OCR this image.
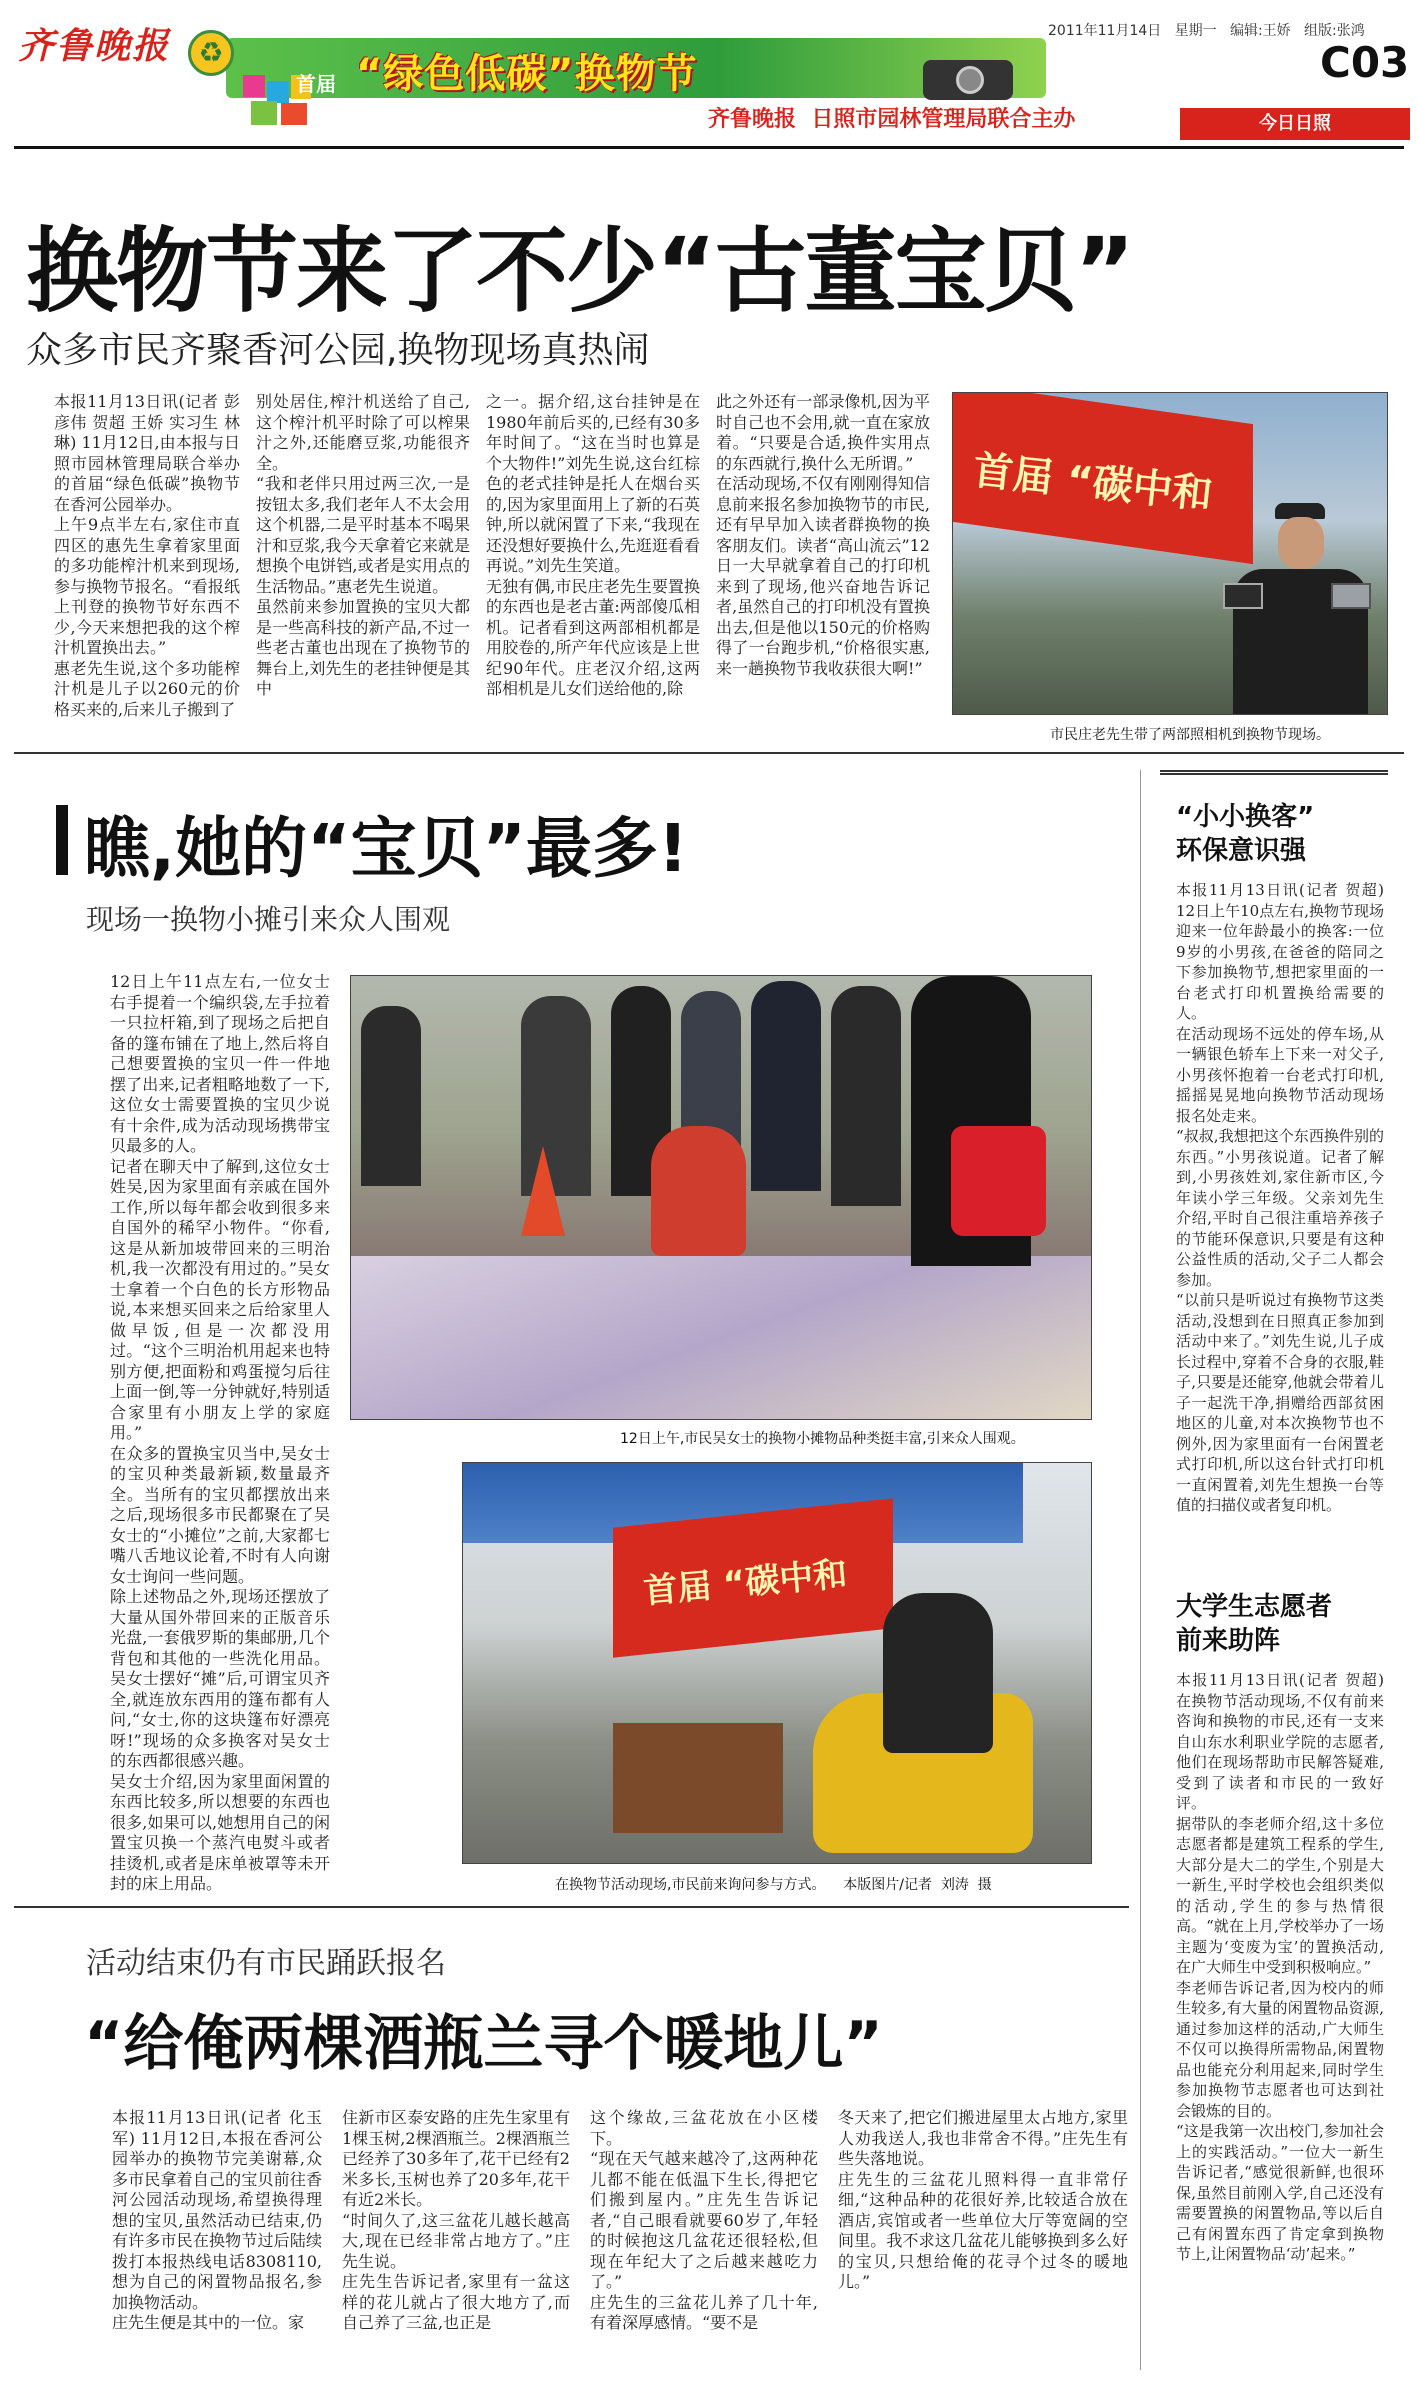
齐鲁晚报	♻
首届 “绿色低碳”换物节
齐鲁晚报  日照市园林管理局联合主办
2011年11月14日   星期一   编辑:王娇   组版:张鸿
C03
今日日照
换物节来了不少“古董宝贝”
众多市民齐聚香河公园,换物现场真热闹
本报11月13日讯(记者 彭彦伟 贺超 王娇 实习生 林琳) 11月12日,由本报与日照市园林管理局联合举办的首届“绿色低碳”换物节在香河公园举办。
上午9点半左右,家住市直四区的惠先生拿着家里面的多功能榨汁机来到现场,参与换物节报名。“看报纸上刊登的换物节好东西不少,今天来想把我的这个榨汁机置换出去。”
惠老先生说,这个多功能榨汁机是儿子以260元的价格买来的,后来儿子搬到了
别处居住,榨汁机送给了自己,这个榨汁机平时除了可以榨果汁之外,还能磨豆浆,功能很齐全。
“我和老伴只用过两三次,一是按钮太多,我们老年人不太会用这个机器,二是平时基本不喝果汁和豆浆,我今天拿着它来就是想换个电饼铛,或者是实用点的生活物品。”惠老先生说道。
虽然前来参加置换的宝贝大都是一些高科技的新产品,不过一些老古董也出现在了换物节的舞台上,刘先生的老挂钟便是其中
之一。据介绍,这台挂钟是在1980年前后买的,已经有30多年时间了。“这在当时也算是个大物件!”刘先生说,这台红棕色的老式挂钟是托人在烟台买的,因为家里面用上了新的石英钟,所以就闲置了下来,“我现在还没想好要换什么,先逛逛看看再说。”刘先生笑道。
无独有偶,市民庄老先生要置换的东西也是老古董:两部傻瓜相机。记者看到这两部相机都是用胶卷的,所产年代应该是上世纪90年代。庄老汉介绍,这两部相机是儿女们送给他的,除
此之外还有一部录像机,因为平时自己也不会用,就一直在家放着。“只要是合适,换件实用点的东西就行,换什么无所谓。”
在活动现场,不仅有刚刚得知信息前来报名参加换物节的市民,还有早早加入读者群换物的换客朋友们。读者“高山流云”12日一大早就拿着自己的打印机来到了现场,他兴奋地告诉记者,虽然自己的打印机没有置换出去,但是他以150元的价格购得了一台跑步机,“价格很实惠,来一趟换物节我收获很大啊!”
首届 “碳中和
市民庄老先生带了两部照相机到换物节现场。
瞧,她的“宝贝”最多!
现场一换物小摊引来众人围观
12日上午11点左右,一位女士右手提着一个编织袋,左手拉着一只拉杆箱,到了现场之后把自备的篷布铺在了地上,然后将自己想要置换的宝贝一件一件地摆了出来,记者粗略地数了一下,这位女士需要置换的宝贝少说有十余件,成为活动现场携带宝贝最多的人。
记者在聊天中了解到,这位女士姓吴,因为家里面有亲戚在国外工作,所以每年都会收到很多来自国外的稀罕小物件。“你看,这是从新加坡带回来的三明治机,我一次都没有用过的。”吴女士拿着一个白色的长方形物品说,本来想买回来之后给家里人做早饭,但是一次都没用过。“这个三明治机用起来也特别方便,把面粉和鸡蛋搅匀后往上面一倒,等一分钟就好,特别适合家里有小朋友上学的家庭用。”
在众多的置换宝贝当中,吴女士的宝贝种类最新颖,数量最齐全。当所有的宝贝都摆放出来之后,现场很多市民都聚在了吴女士的“小摊位”之前,大家都七嘴八舌地议论着,不时有人向谢女士询问一些问题。
除上述物品之外,现场还摆放了大量从国外带回来的正版音乐光盘,一套俄罗斯的集邮册,几个背包和其他的一些洗化用品。吴女士摆好“摊”后,可谓宝贝齐全,就连放东西用的篷布都有人问,“女士,你的这块篷布好漂亮呀!”现场的众多换客对吴女士的东西都很感兴趣。
吴女士介绍,因为家里面闲置的东西比较多,所以想要的东西也很多,如果可以,她想用自己的闲置宝贝换一个蒸汽电熨斗或者挂烫机,或者是床单被罩等未开封的床上用品。
12日上午,市民吴女士的换物小摊物品种类挺丰富,引来众人围观。
首届 “碳中和
在换物节活动现场,市民前来询问参与方式。    本版图片/记者  刘涛  摄
“小小换客”
环保意识强
本报11月13日讯(记者 贺超) 12日上午10点左右,换物节现场迎来一位年龄最小的换客:一位9岁的小男孩,在爸爸的陪同之下参加换物节,想把家里面的一台老式打印机置换给需要的人。
在活动现场不远处的停车场,从一辆银色轿车上下来一对父子,小男孩怀抱着一台老式打印机,摇摇晃晃地向换物节活动现场报名处走来。
“叔叔,我想把这个东西换件别的东西。”小男孩说道。记者了解到,小男孩姓刘,家住新市区,今年读小学三年级。父亲刘先生介绍,平时自己很注重培养孩子的节能环保意识,只要是有这种公益性质的活动,父子二人都会参加。
“以前只是听说过有换物节这类活动,没想到在日照真正参加到活动中来了。”刘先生说,儿子成长过程中,穿着不合身的衣服,鞋子,只要是还能穿,他就会带着儿子一起洗干净,捐赠给西部贫困地区的儿童,对本次换物节也不例外,因为家里面有一台闲置老式打印机,所以这台针式打印机一直闲置着,刘先生想换一台等值的扫描仪或者复印机。
大学生志愿者
前来助阵
本报11月13日讯(记者 贺超) 在换物节活动现场,不仅有前来咨询和换物的市民,还有一支来自山东水利职业学院的志愿者,他们在现场帮助市民解答疑难,受到了读者和市民的一致好评。
据带队的李老师介绍,这十多位志愿者都是建筑工程系的学生,大部分是大二的学生,个别是大一新生,平时学校也会组织类似的活动,学生的参与热情很高。“就在上月,学校举办了一场主题为‘变废为宝’的置换活动,在广大师生中受到积极响应。”
李老师告诉记者,因为校内的师生较多,有大量的闲置物品资源,通过参加这样的活动,广大师生不仅可以换得所需物品,闲置物品也能充分利用起来,同时学生参加换物节志愿者也可达到社会锻炼的目的。
“这是我第一次出校门,参加社会上的实践活动。”一位大一新生告诉记者,“感觉很新鲜,也很环保,虽然目前刚入学,自己还没有需要置换的闲置物品,等以后自己有闲置东西了肯定拿到换物节上,让闲置物品‘动’起来。”
活动结束仍有市民踊跃报名
“给俺两棵酒瓶兰寻个暖地儿”
本报11月13日讯(记者 化玉军) 11月12日,本报在香河公园举办的换物节完美谢幕,众多市民拿着自己的宝贝前往香河公园活动现场,希望换得理想的宝贝,虽然活动已结束,仍有许多市民在换物节过后陆续拨打本报热线电话8308110,想为自己的闲置物品报名,参加换物活动。
庄先生便是其中的一位。家
住新市区泰安路的庄先生家里有1棵玉树,2棵酒瓶兰。2棵酒瓶兰已经养了30多年了,花干已经有2米多长,玉树也养了20多年,花干有近2米长。
“时间久了,这三盆花儿越长越高大,现在已经非常占地方了。”庄先生说。
庄先生告诉记者,家里有一盆这样的花儿就占了很大地方了,而自己养了三盆,也正是
这个缘故,三盆花放在小区楼下。
“现在天气越来越冷了,这两种花儿都不能在低温下生长,得把它们搬到屋内。”庄先生告诉记者,“自己眼看就要60岁了,年轻的时候抱这几盆花还很轻松,但现在年纪大了之后越来越吃力了。”
庄先生的三盆花儿养了几十年,有着深厚感情。“要不是
冬天来了,把它们搬进屋里太占地方,家里人劝我送人,我也非常舍不得。”庄先生有些失落地说。
庄先生的三盆花儿照料得一直非常仔细,“这种品种的花很好养,比较适合放在酒店,宾馆或者一些单位大厅等宽阔的空间里。我不求这几盆花儿能够换到多么好的宝贝,只想给俺的花寻个过冬的暖地儿。”
